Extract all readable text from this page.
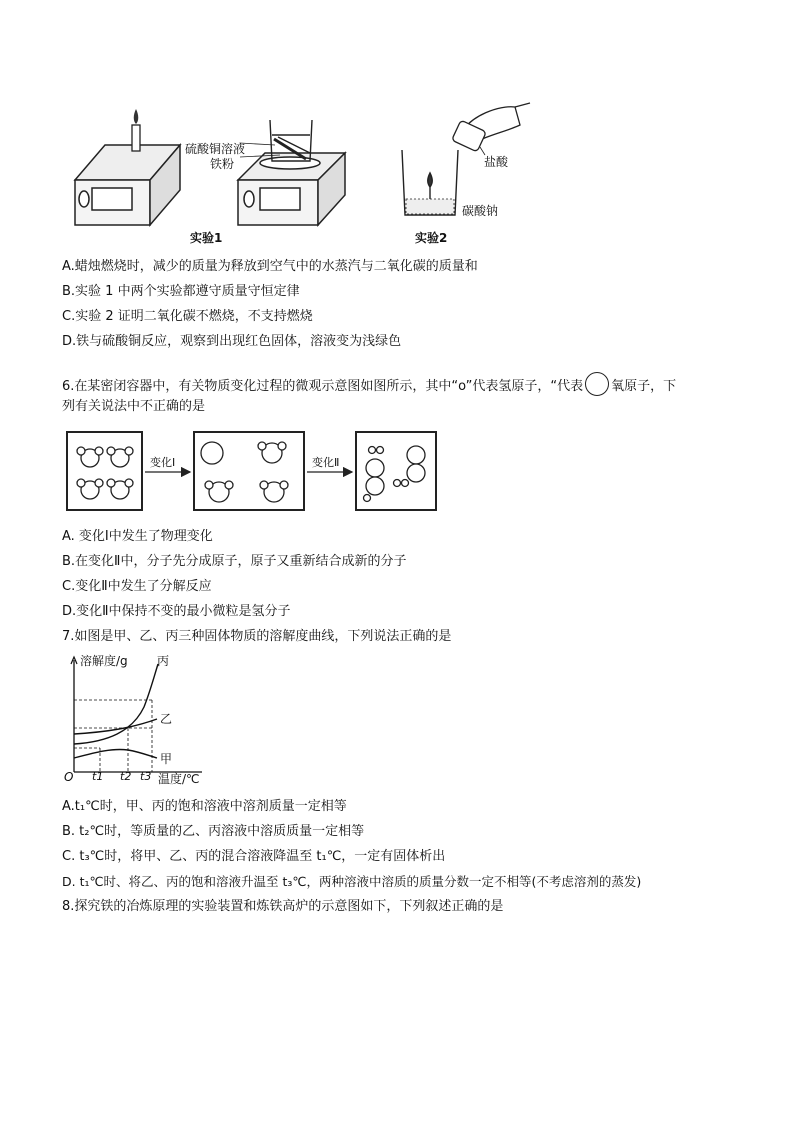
硫酸铜溶液
铁粉	盐酸
碳酸钠
实验1	实验2
A.蜡烛燃烧时，减少的质量为释放到空气中的水蒸汽与二氧化碳的质量和
B.实验 1 中两个实验都遵守质量守恒定律
C.实验 2 证明二氧化碳不燃烧，不支持燃烧
D.铁与硫酸铜反应，观察到出现红色固体，溶液变为浅绿色
6.在某密闭容器中，有关物质变化过程的微观示意图如图所示，其中“o”代表氢原子，“代表 氧原子，下
列有关说法中不正确的是
变化Ⅰ	变化Ⅱ
A. 变化Ⅰ中发生了物理变化
B.在变化Ⅱ中，分子先分成原子，原子又重新结合成新的分子
C.变化Ⅱ中发生了分解反应
D.变化Ⅱ中保持不变的最小微粒是氢分子
7.如图是甲、乙、丙三种固体物质的溶解度曲线，下列说法正确的是
溶解度/g 丙
乙
甲
O t1 t2 t3 温度/℃
A.t₁℃时，甲、丙的饱和溶液中溶剂质量一定相等
B. t₂℃时，等质量的乙、丙溶液中溶质质量一定相等
C. t₃℃时，将甲、乙、丙的混合溶液降温至 t₁℃，一定有固体析出
D. t₁℃时、将乙、丙的饱和溶液升温至 t₃℃，两种溶液中溶质的质量分数一定不相等(不考虑溶剂的蒸发)
8.探究铁的冶炼原理的实验装置和炼铁高炉的示意图如下，下列叙述正确的是
